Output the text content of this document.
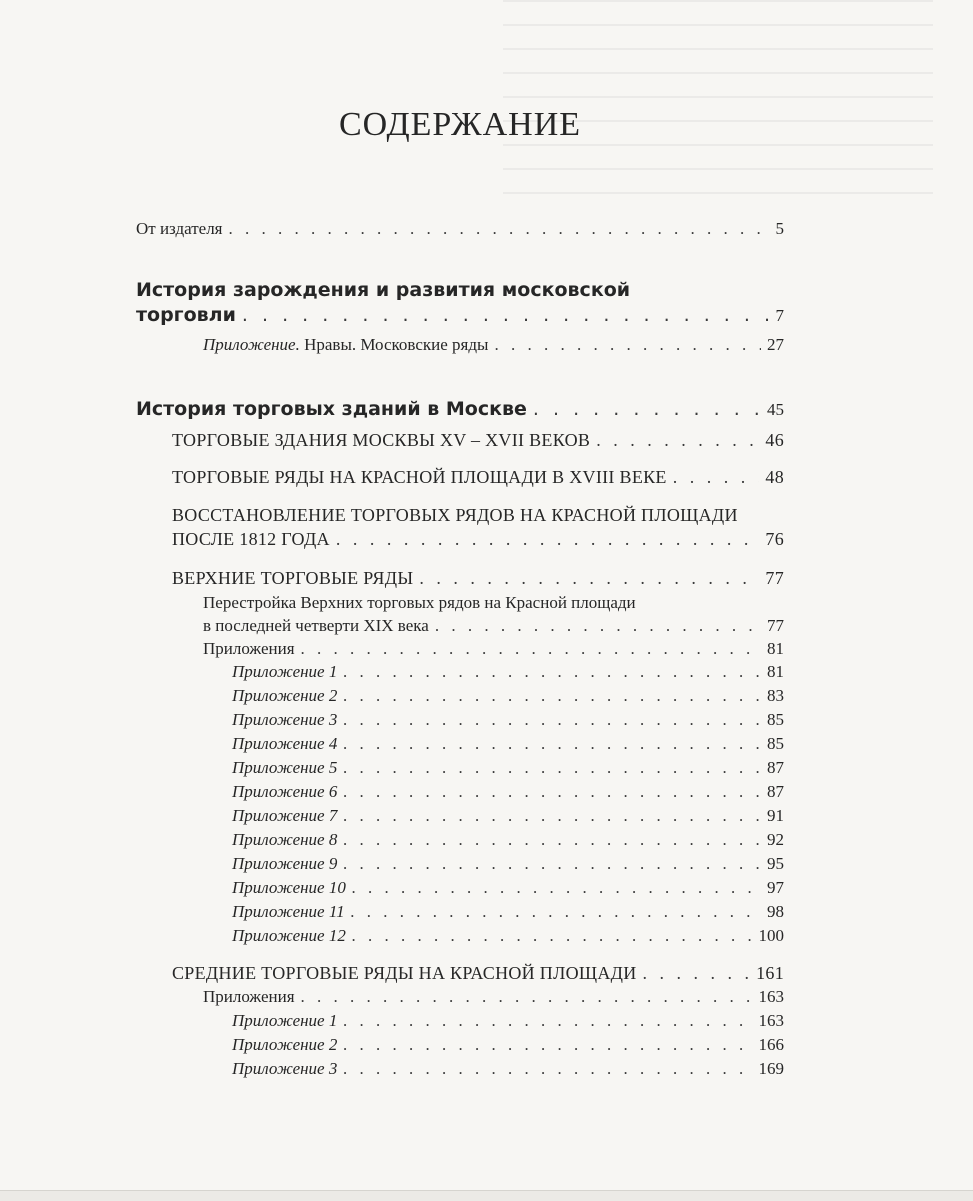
СОДЕРЖАНИЕ
От издателя . . .	5
История зарождения и развития московской
торговли . . .	7
Приложение. Нравы. Московские ряды . . .	27
История торговых зданий в Москве . . .	45
ТОРГОВЫЕ ЗДАНИЯ МОСКВЫ XV – XVII ВЕКОВ . . .	46
ТОРГОВЫЕ РЯДЫ НА КРАСНОЙ ПЛОЩАДИ В XVIII ВЕКЕ . . .	48
ВОССТАНОВЛЕНИЕ ТОРГОВЫХ РЯДОВ НА КРАСНОЙ ПЛОЩАДИ
ПОСЛЕ 1812 ГОДА . . .	76
ВЕРХНИЕ ТОРГОВЫЕ РЯДЫ . . .	77
Перестройка Верхних торговых рядов на Красной площади
в последней четверти XIX века . . .	77
Приложения . . .	81
Приложение 1 . . .	81
Приложение 2 . . .	83
Приложение 3 . . .	85
Приложение 4 . . .	85
Приложение 5 . . .	87
Приложение 6 . . .	87
Приложение 7 . . .	91
Приложение 8 . . .	92
Приложение 9 . . .	95
Приложение 10 . . .	97
Приложение 11 . . .	98
Приложение 12 . . .	100
СРЕДНИЕ ТОРГОВЫЕ РЯДЫ НА КРАСНОЙ ПЛОЩАДИ . . .	161
Приложения . . .	163
Приложение 1 . . .	163
Приложение 2 . . .	166
Приложение 3 . . .	169
